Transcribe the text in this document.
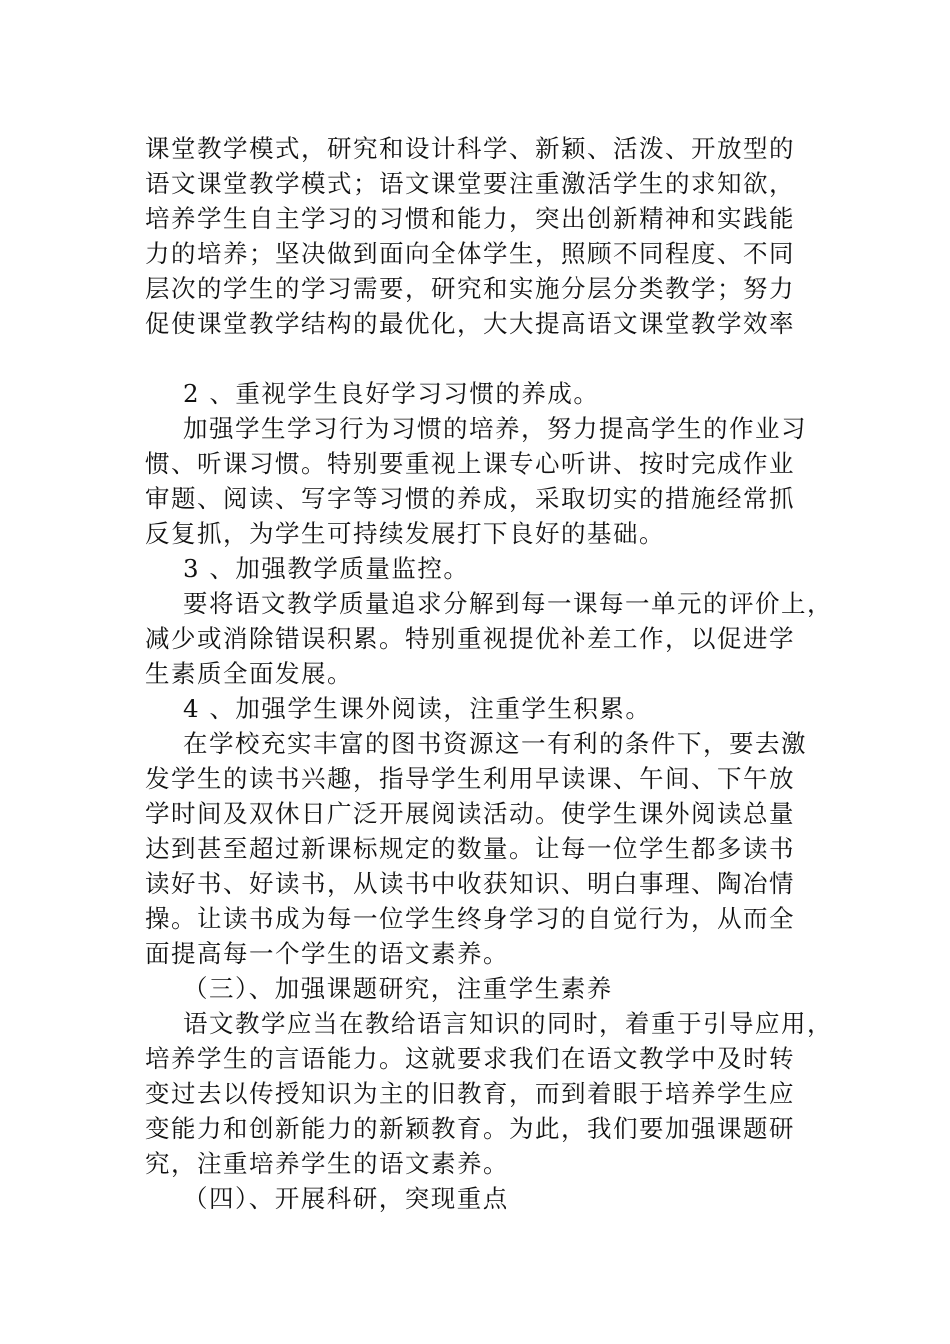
课堂教学模式，研究和设计科学、新颖、活泼、开放型的
语文课堂教学模式；语文课堂要注重激活学生的求知欲，
培养学生自主学习的习惯和能力，突出创新精神和实践能
力的培养；坚决做到面向全体学生，照顾不同程度、不同
层次的学生的学习需要，研究和实施分层分类教学；努力
促使课堂教学结构的最优化，大大提高语文课堂教学效率
2 、重视学生良好学习习惯的养成。
加强学生学习行为习惯的培养，努力提高学生的作业习
惯、听课习惯。特别要重视上课专心听讲、按时完成作业
审题、阅读、写字等习惯的养成，采取切实的措施经常抓
反复抓，为学生可持续发展打下良好的基础。
3 、加强教学质量监控。
要将语文教学质量追求分解到每一课每一单元的评价上，
减少或消除错误积累。特别重视提优补差工作，以促进学
生素质全面发展。
4 、加强学生课外阅读，注重学生积累。
在学校充实丰富的图书资源这一有利的条件下，要去激
发学生的读书兴趣，指导学生利用早读课、午间、下午放
学时间及双休日广泛开展阅读活动。使学生课外阅读总量
达到甚至超过新课标规定的数量。让每一位学生都多读书
读好书、好读书，从读书中收获知识、明白事理、陶冶情
操。让读书成为每一位学生终身学习的自觉行为，从而全
面提高每一个学生的语文素养。
（三）、加强课题研究，注重学生素养
语文教学应当在教给语言知识的同时，着重于引导应用，
培养学生的言语能力。这就要求我们在语文教学中及时转
变过去以传授知识为主的旧教育，而到着眼于培养学生应
变能力和创新能力的新颖教育。为此，我们要加强课题研
究，注重培养学生的语文素养。
（四）、开展科研，突现重点
